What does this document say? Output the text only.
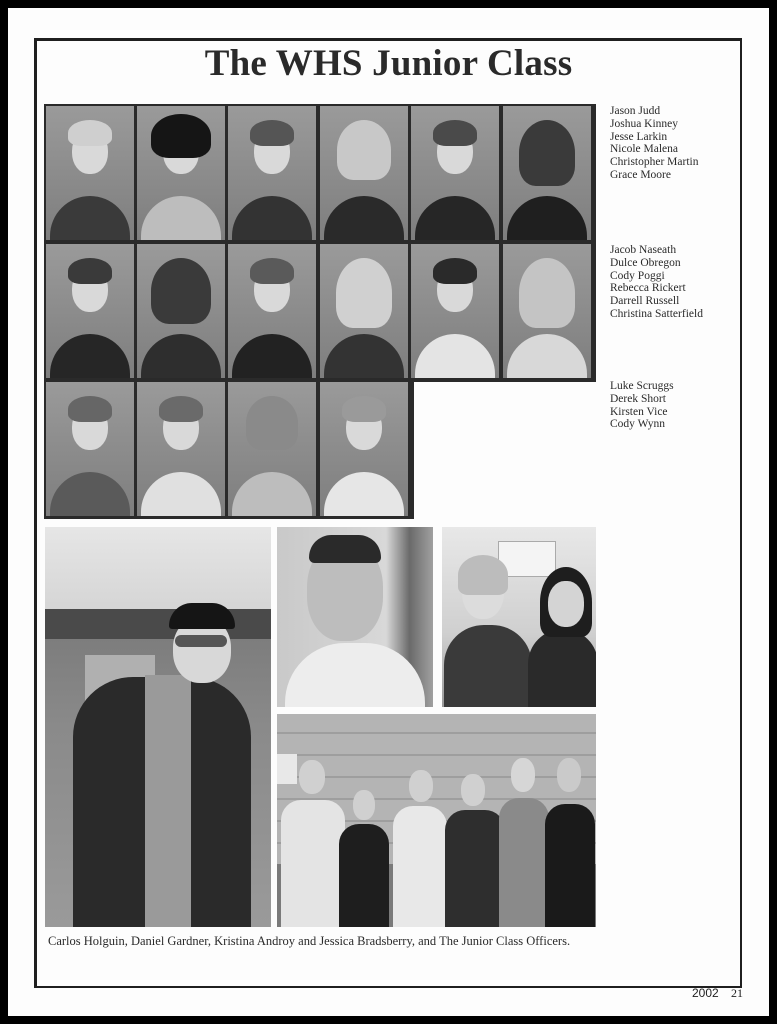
The WHS Junior Class
Jason Judd
Joshua Kinney
Jesse Larkin
Nicole Malena
Christopher Martin
Grace Moore
Jacob Naseath
Dulce Obregon
Cody Poggi
Rebecca Rickert
Darrell Russell
Christina Satterfield
Luke Scruggs
Derek Short
Kirsten Vice
Cody Wynn
Carlos Holguin, Daniel Gardner, Kristina Androy and Jessica Bradsberry, and The Junior Class Officers.
2002 21
